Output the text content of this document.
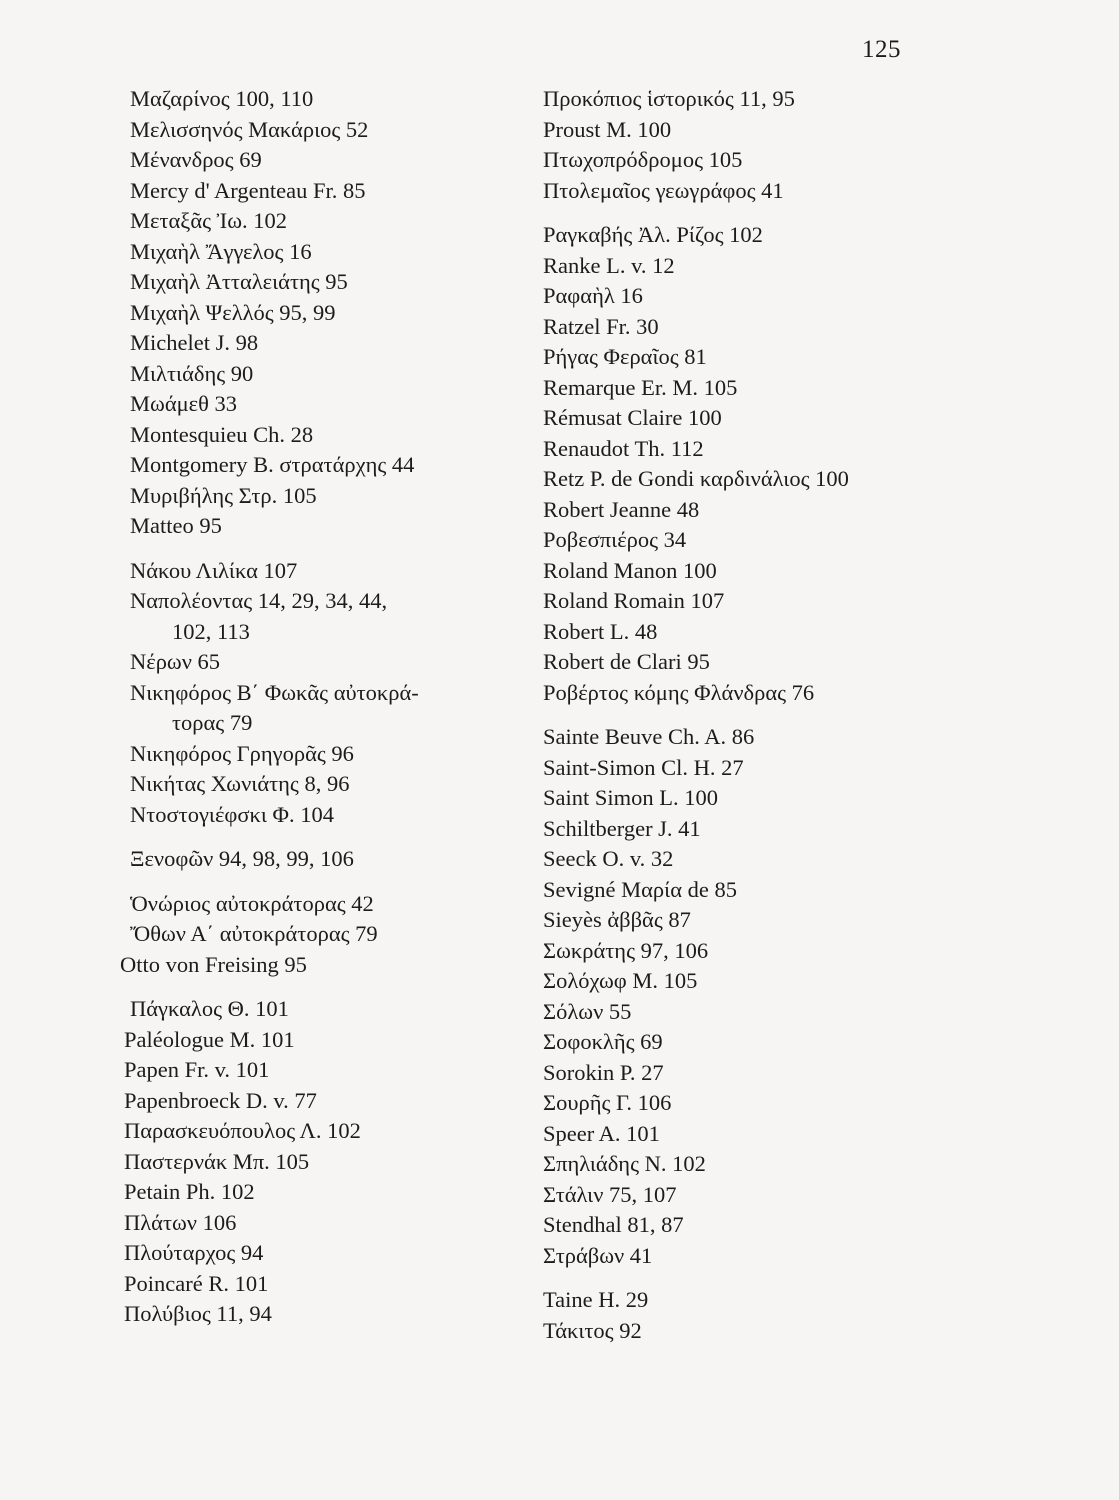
125
Μαζαρίνος 100, 110
Μελισσηνός Μακάριος 52
Μένανδρος 69
Mercy d' Argenteau Fr. 85
Μεταξᾶς Ἰω. 102
Μιχαὴλ Ἄγγελος 16
Μιχαὴλ Ἀτταλειάτης 95
Μιχαὴλ Ψελλός 95, 99
Michelet J. 98
Μιλτιάδης 90
Μωάμεθ 33
Montesquieu Ch. 28
Montgomery B. στρατάρχης 44
Μυριβήλης Στρ. 105
Matteo 95
Νάκου Λιλίκα 107
Ναπολέοντας 14, 29, 34, 44,
102, 113
Νέρων 65
Νικηφόρος Β΄ Φωκᾶς αὐτοκρά-
τορας 79
Νικηφόρος Γρηγορᾶς 96
Νικήτας Χωνιάτης 8, 96
Ντοστογιέφσκι Φ. 104
Ξενοφῶν 94, 98, 99, 106
Ὁνώριος αὐτοκράτορας 42
Ὄθων Α΄ αὐτοκράτορας 79
Otto von Freising 95
Πάγκαλος Θ. 101
Paléologue M. 101
Papen Fr. v. 101
Papenbroeck D. v. 77
Παρασκευόπουλος Λ. 102
Παστερνάκ Μπ. 105
Petain Ph. 102
Πλάτων 106
Πλούταρχος 94
Poincaré R. 101
Πολύβιος 11, 94
Προκόπιος ἱστορικός 11, 95
Proust M. 100
Πτωχοπρόδρομος 105
Πτολεμαῖος γεωγράφος 41
Ραγκαβής Ἀλ. Ρίζος 102
Ranke L. v. 12
Ραφαὴλ 16
Ratzel Fr. 30
Ρήγας Φεραῖος 81
Remarque Er. M. 105
Rémusat Claire 100
Renaudot Th. 112
Retz P. de Gondi καρδινάλιος 100
Robert Jeanne 48
Ροβεσπιέρος 34
Roland Manon 100
Roland Romain 107
Robert L. 48
Robert de Clari 95
Ροβέρτος κόμης Φλάνδρας 76
Sainte Beuve Ch. A. 86
Saint-Simon Cl. H. 27
Saint Simon L. 100
Schiltberger J. 41
Seeck O. v. 32
Sevigné Μαρία de 85
Sieyès ἀββᾶς 87
Σωκράτης 97, 106
Σολόχωφ Μ. 105
Σόλων 55
Σοφοκλῆς 69
Sorokin P. 27
Σουρῆς Γ. 106
Speer A. 101
Σπηλιάδης Ν. 102
Στάλιν 75, 107
Stendhal 81, 87
Στράβων 41
Taine H. 29
Τάκιτος 92
